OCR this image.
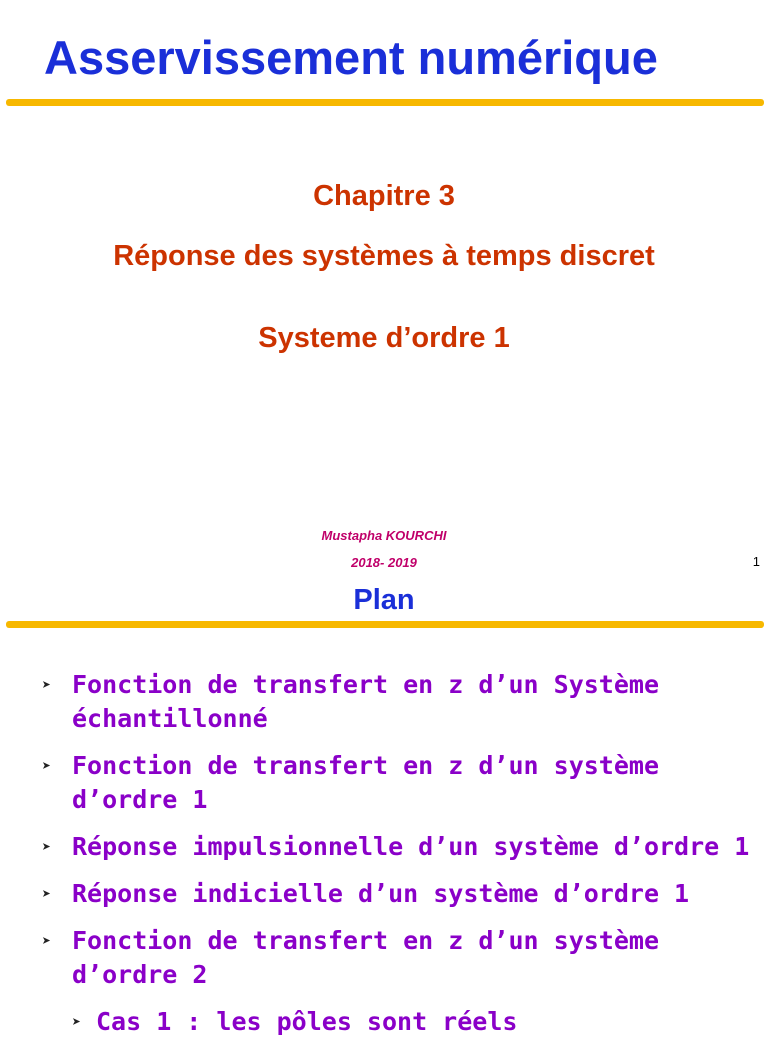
Asservissement numérique
Chapitre 3
Réponse des systèmes à temps discret
Systeme d’ordre 1
Mustapha KOURCHI
2018- 2019	1
Plan
➤ Fonction de transfert en z d’un Système échantillonné
➤ Fonction de transfert en z d’un système d’ordre 1
➤ Réponse impulsionnelle d’un système d’ordre 1
➤ Réponse indicielle d’un système d’ordre 1
➤ Fonction de transfert en z d’un système d’ordre 2
➤ Cas 1 : les pôles sont réels
